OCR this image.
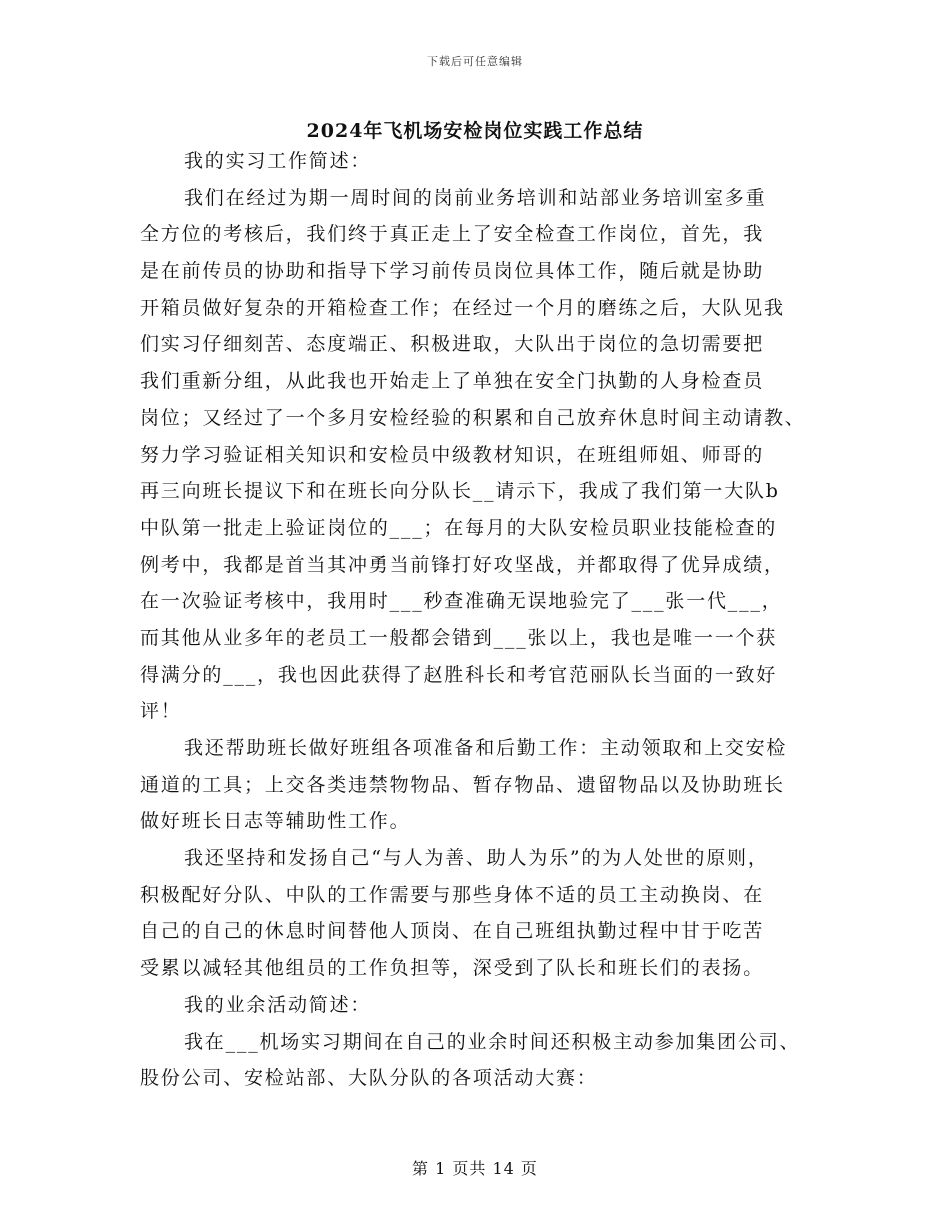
下载后可任意编辑
2024年飞机场安检岗位实践工作总结
我的实习工作简述：
我们在经过为期一周时间的岗前业务培训和站部业务培训室多重
全方位的考核后，我们终于真正走上了安全检查工作岗位，首先，我
是在前传员的协助和指导下学习前传员岗位具体工作，随后就是协助
开箱员做好复杂的开箱检查工作；在经过一个月的磨练之后，大队见我
们实习仔细刻苦、态度端正、积极进取，大队出于岗位的急切需要把
我们重新分组，从此我也开始走上了单独在安全门执勤的人身检查员
岗位；又经过了一个多月安检经验的积累和自己放弃休息时间主动请教、
努力学习验证相关知识和安检员中级教材知识，在班组师姐、师哥的
再三向班长提议下和在班长向分队长__请示下，我成了我们第一大队b
中队第一批走上验证岗位的___；在每月的大队安检员职业技能检查的
例考中，我都是首当其冲勇当前锋打好攻坚战，并都取得了优异成绩，
在一次验证考核中，我用时___秒查准确无误地验完了___张一代___，
而其他从业多年的老员工一般都会错到___张以上，我也是唯一一个获
得满分的___，我也因此获得了赵胜科长和考官范丽队长当面的一致好
评！
我还帮助班长做好班组各项准备和后勤工作：主动领取和上交安检
通道的工具；上交各类违禁物物品、暂存物品、遗留物品以及协助班长
做好班长日志等辅助性工作。
我还坚持和发扬自己“与人为善、助人为乐”的为人处世的原则，
积极配好分队、中队的工作需要与那些身体不适的员工主动换岗、在
自己的自己的休息时间替他人顶岗、在自己班组执勤过程中甘于吃苦
受累以减轻其他组员的工作负担等，深受到了队长和班长们的表扬。
我的业余活动简述：
我在___机场实习期间在自己的业余时间还积极主动参加集团公司、
股份公司、安检站部、大队分队的各项活动大赛：
第 1 页共 14 页
